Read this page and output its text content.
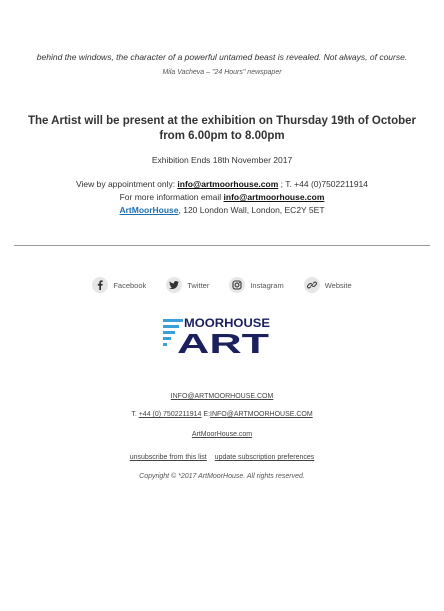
behind the windows, the character of a powerful untamed beast is revealed. Not always, of course.
Mila Vacheva – "24 Hours" newspaper
The Artist will be present at the exhibition on Thursday 19th of October from 6.00pm to 8.00pm
Exhibition Ends 18th November 2017
View by appointment only: info@artmoorhouse.com ; T. +44 (0)7502211914
For more information email info@artmoorhouse.com
ArtMoorHouse, 120 London Wall, London, EC2Y 5ET
Facebook	Twitter	Instagram	Website
MOORHOUSE
ART
INFO@ARTMOORHOUSE.COM
T. +44 (0) 7502211914 E:INFO@ARTMOORHOUSE.COM
ArtMoorHouse.com
unsubscribe from this list update subscription preferences
Copyright © *2017 ArtMoorHouse. All rights reserved.
